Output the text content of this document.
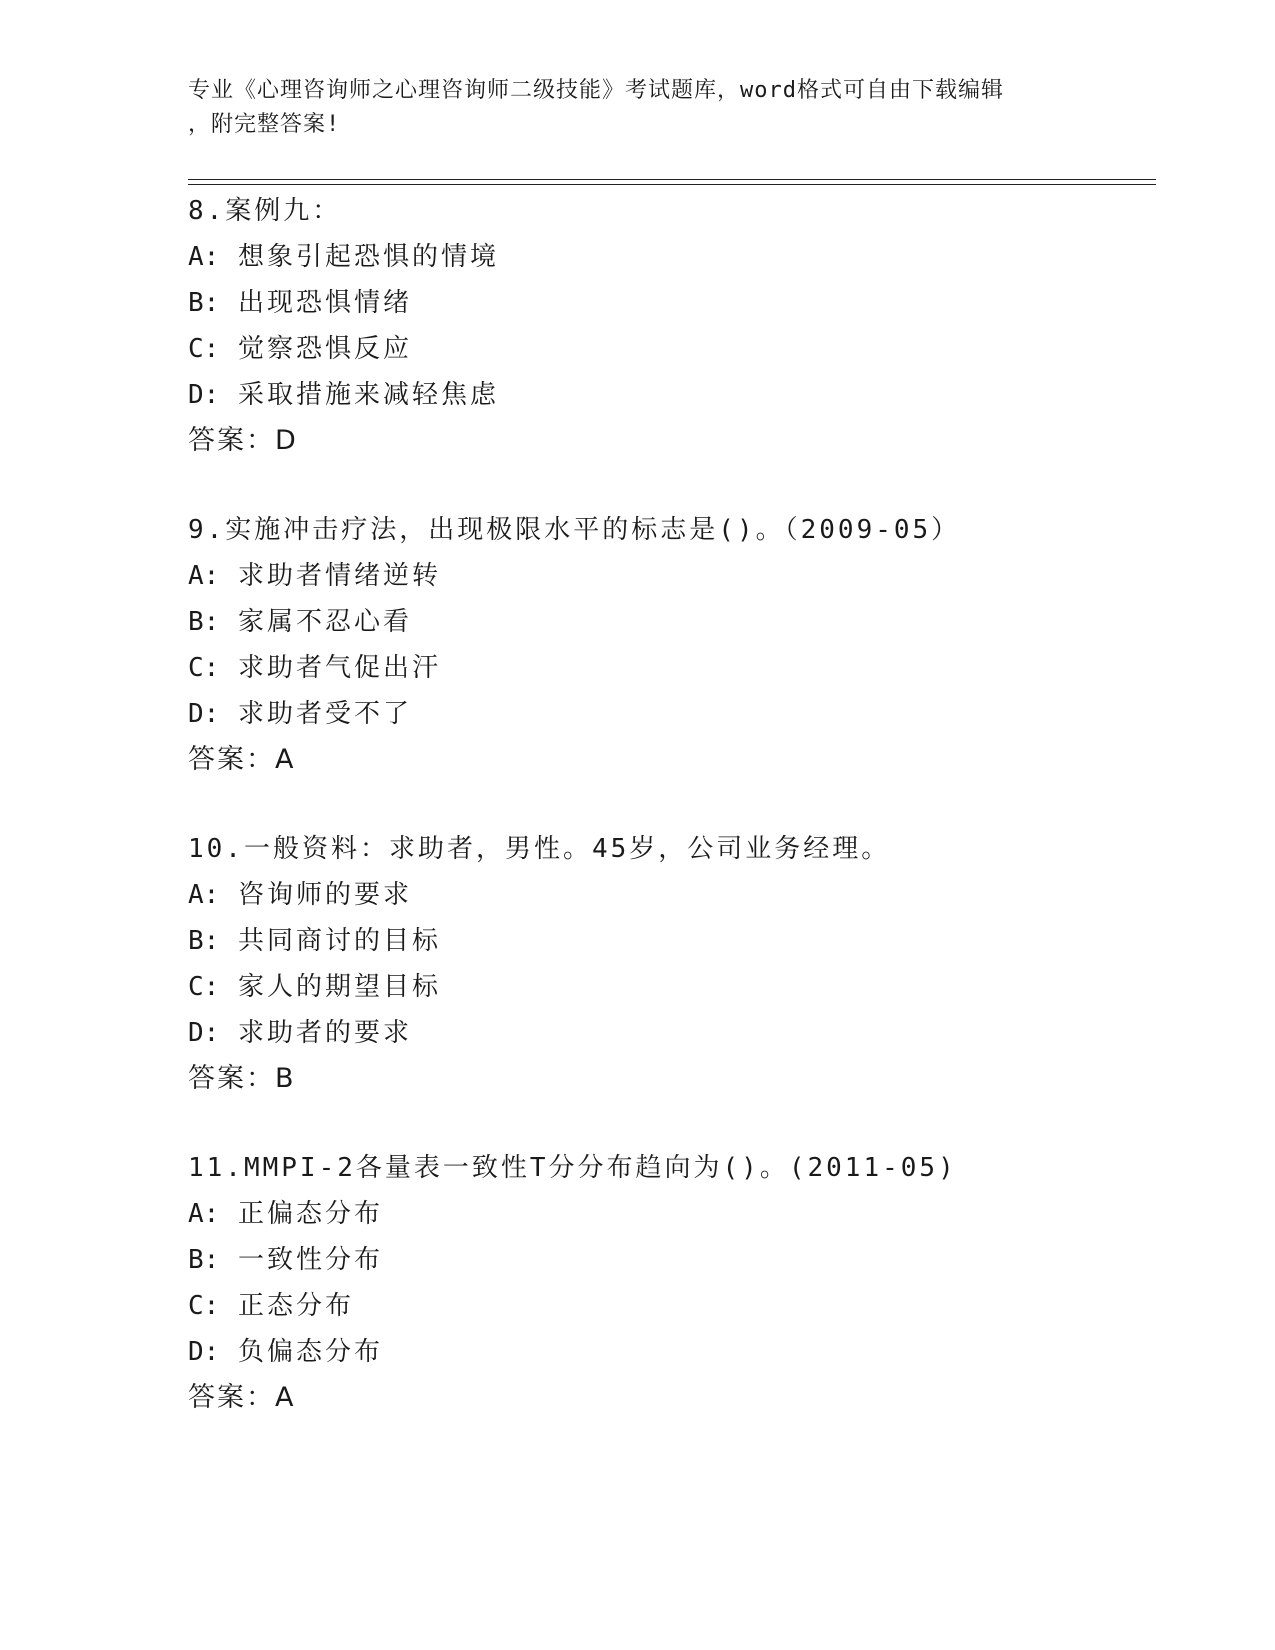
专业《心理咨询师之心理咨询师二级技能》考试题库，word格式可自由下载编辑
，附完整答案!
8.案例九：
A: 想象引起恐惧的情境
B: 出现恐惧情绪
C: 觉察恐惧反应
D: 采取措施来减轻焦虑
答案：D
9.实施冲击疗法，出现极限水平的标志是()。（2009-05）
A: 求助者情绪逆转
B: 家属不忍心看
C: 求助者气促出汗
D: 求助者受不了
答案：A
10.一般资料：求助者，男性。45岁，公司业务经理。
A: 咨询师的要求
B: 共同商讨的目标
C: 家人的期望目标
D: 求助者的要求
答案：B
11.MMPI-2各量表一致性T分分布趋向为()。(2011-05)
A: 正偏态分布
B: 一致性分布
C: 正态分布
D: 负偏态分布
答案：A
